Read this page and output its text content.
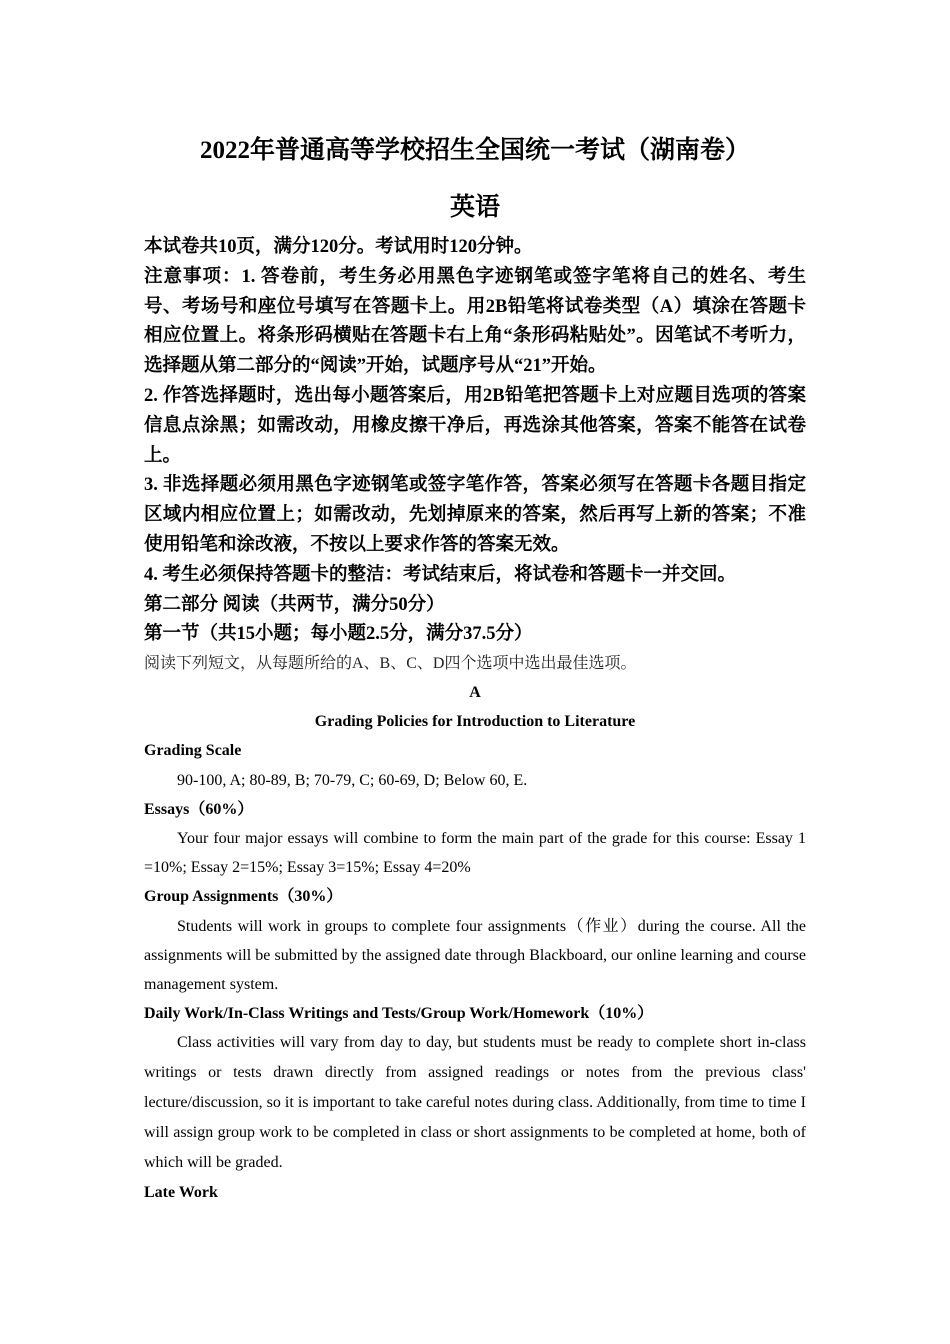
2022年普通高等学校招生全国统一考试（湖南卷）
英语

本试卷共10页，满分120分。考试用时120分钟。

注意事项：1. 答卷前，考生务必用黑色字迹钢笔或签字笔将自己的姓名、考生号、考场号和座位号填写在答题卡上。用2B铅笔将试卷类型（A）填涂在答题卡相应位置上。将条形码横贴在答题卡右上角“条形码粘贴处”。因笔试不考听力，选择题从第二部分的“阅读”开始，试题序号从“21”开始。

2. 作答选择题时，选出每小题答案后，用2B铅笔把答题卡上对应题目选项的答案信息点涂黑；如需改动，用橡皮擦干净后，再选涂其他答案，答案不能答在试卷上。

3. 非选择题必须用黑色字迹钢笔或签字笔作答，答案必须写在答题卡各题目指定区域内相应位置上；如需改动，先划掉原来的答案，然后再写上新的答案；不准使用铅笔和涂改液，不按以上要求作答的答案无效。

4. 考生必须保持答题卡的整洁：考试结束后，将试卷和答题卡一并交回。

第二部分 阅读（共两节，满分50分）

第一节（共15小题；每小题2.5分，满分37.5分）

阅读下列短文，从每题所给的A、B、C、D四个选项中选出最佳选项。

A

Grading Policies for Introduction to Literature

Grading Scale

90-100, A; 80-89, B; 70-79, C; 60-69, D; Below 60, E.

Essays（60%）

Your four major essays will combine to form the main part of the grade for this course: Essay 1 =10%; Essay 2=15%; Essay 3=15%; Essay 4=20%

Group Assignments（30%）

Students will work in groups to complete four assignments（作业）during the course. All the assignments will be submitted by the assigned date through Blackboard, our online learning and course management system.

Daily Work/In-Class Writings and Tests/Group Work/Homework（10%）

Class activities will vary from day to day, but students must be ready to complete short in-class writings or tests drawn directly from assigned readings or notes from the previous class' lecture/discussion, so it is important to take careful notes during class. Additionally, from time to time I will assign group work to be completed in class or short assignments to be completed at home, both of which will be graded.

Late Work
